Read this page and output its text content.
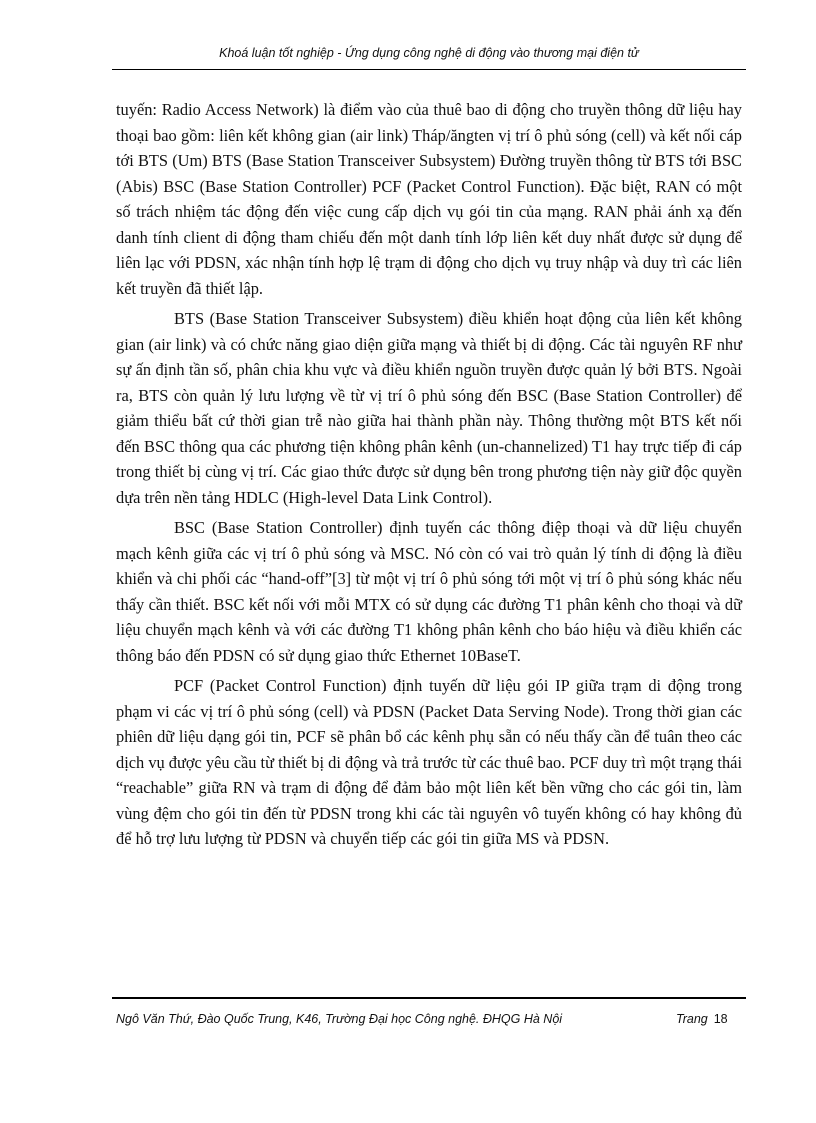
Khoá luận tốt nghiệp - Ứng dụng công nghệ di động vào thương mại điện tử

tuyến: Radio Access Network) là điểm vào của thuê bao di động cho truyền thông dữ liệu hay thoại bao gồm: liên kết không gian (air link) Tháp/ăngten vị trí ô phủ sóng (cell) và kết nối cáp tới BTS (Um) BTS (Base Station Transceiver Subsystem) Đường truyền thông từ BTS tới BSC (Abis) BSC (Base Station Controller) PCF (Packet Control Function). Đặc biệt, RAN có một số trách nhiệm tác động đến việc cung cấp dịch vụ gói tin của mạng. RAN phải ánh xạ đến danh tính client di động tham chiếu đến một danh tính lớp liên kết duy nhất được sử dụng để liên lạc với PDSN, xác nhận tính hợp lệ trạm di động cho dịch vụ truy nhập và duy trì các liên kết truyền đã thiết lập.

BTS (Base Station Transceiver Subsystem) điều khiển hoạt động của liên kết không gian (air link) và có chức năng giao diện giữa mạng và thiết bị di động. Các tài nguyên RF như sự ấn định tần số, phân chia khu vực và điều khiển nguồn truyền được quản lý bởi BTS. Ngoài ra, BTS còn quản lý lưu lượng về từ vị trí ô phủ sóng đến BSC (Base Station Controller) để giảm thiểu bất cứ thời gian trễ nào giữa hai thành phần này. Thông thường một BTS kết nối đến BSC thông qua các phương tiện không phân kênh (un-channelized) T1 hay trực tiếp đi cáp trong thiết bị cùng vị trí. Các giao thức được sử dụng bên trong phương tiện này giữ độc quyền dựa trên nền tảng HDLC (High-level Data Link Control).

BSC (Base Station Controller) định tuyến các thông điệp thoại và dữ liệu chuyển mạch kênh giữa các vị trí ô phủ sóng và MSC. Nó còn có vai trò quản lý tính di động là điều khiển và chi phối các “hand-off”[3] từ một vị trí ô phủ sóng tới một vị trí ô phủ sóng khác nếu thấy cần thiết. BSC kết nối với mỗi MTX có sử dụng các đường T1 phân kênh cho thoại và dữ liệu chuyển mạch kênh và với các đường T1 không phân kênh cho báo hiệu và điều khiển các thông báo đến PDSN có sử dụng giao thức Ethernet 10BaseT.

PCF (Packet Control Function) định tuyến dữ liệu gói IP giữa trạm di động trong phạm vi các vị trí ô phủ sóng (cell) và PDSN (Packet Data Serving Node). Trong thời gian các phiên dữ liệu dạng gói tin, PCF sẽ phân bổ các kênh phụ sẵn có nếu thấy cần để tuân theo các dịch vụ được yêu cầu từ thiết bị di động và trả trước từ các thuê bao. PCF duy trì một trạng thái “reachable” giữa RN và trạm di động để đảm bảo một liên kết bền vững cho các gói tin, làm vùng đệm cho gói tin đến từ PDSN trong khi các tài nguyên vô tuyến không có hay không đủ để hỗ trợ lưu lượng từ PDSN và chuyển tiếp các gói tin giữa MS và PDSN.

Ngô Văn Thứ, Đào Quốc Trung, K46, Trường Đại học Công nghệ. ĐHQG Hà Nội	Trang 18
